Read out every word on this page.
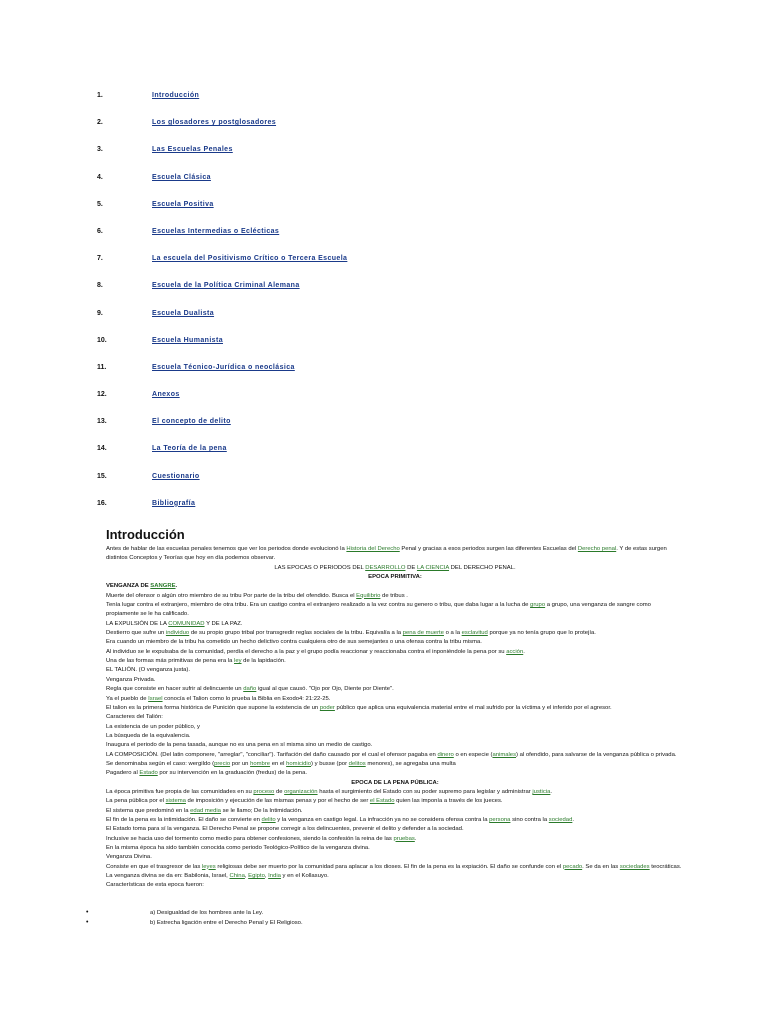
1.	Introducción
2.	Los glosadores y postglosadores
3.	Las Escuelas Penales
4.	Escuela Clásica
5.	Escuela Positiva
6.	Escuelas Intermedias o Eclécticas
7.	La escuela del Positivismo Crítico o Tercera Escuela
8.	Escuela de la Política Criminal Alemana
9.	Escuela Dualista
10.	Escuela Humanista
11.	Escuela Técnico-Jurídica o neoclásica
12.	Anexos
13.	El concepto de delito
14.	La Teoría de la pena
15.	Cuestionario
16.	Bibliografía
Introducción

Antes de hablar de las escuelas penales tenemos que ver los periodos donde evolucionó la Historia del Derecho Penal y gracias a esos periodos surgen las diferentes Escuelas del Derecho penal. Y de estas surgen distintos Conceptos y Teorías que hoy en día podemos observar.

LAS EPOCAS O PERIODOS DEL DESARROLLO DE LA CIENCIA DEL DERECHO PENAL.

EPOCA PRIMITIVA:

VENGANZA DE SANGRE.

Muerte del ofensor o algún otro miembro de su tribu Por parte de la tribu del ofendido. Busca el Equilibrio de tribus .

Tenía lugar contra el extranjero, miembro de otra tribu. Era un castigo contra el extranjero realizado a la vez contra su genero o tribu, que daba lugar a la lucha de grupo a grupo, una venganza de sangre como propiamente se le ha calificado.

LA EXPULSIÓN DE LA COMUNIDAD Y DE LA PAZ.

Destierro que sufre un individuo de su propio grupo tribal por transgredir reglas sociales de la tribu. Equivalía a la pena de muerte o a la esclavitud porque ya no tenía grupo que lo protejía.

Era cuando un miembro de la tribu ha cometido un hecho delictivo contra cualquiera otro de sus semejantes o una ofensa contra la tribu misma.

Al individuo se le expulsaba de la comunidad, perdía el derecho a la paz y el grupo podía reaccionar y reaccionaba contra el inponiéndole la pena por su acción.

Una de las formas más primitivas de pena era la ley de la lapidación.

EL TALIÓN. (O venganza justa).

Venganza Privada.

Regla que consiste en hacer sufrir al delincuente un daño igual al que causó. "Ojo por Ojo, Diente por Diente".

Ya el pueblo de Israel conocía el Talion como lo prueba la Biblia en Exodo4: 21:22-25.

El talion es la primera forma histórica de Punición que supone la existencia de un poder público que aplica una equivalencia material entre el mal sufrido por la víctima y el inferido por el agresor.

Caracteres del Talión:

La existencia de un poder público, y

La búsqueda de la equivalencia.

Inaugura el periodo de la pena tasada, aunque no es una pena en sí misma sino un medio de castigo.

LA COMPOSICIÓN. (Del latin componere, "arreglar", "conciliar"). Tarifación del daño causado por el cual el ofensor pagaba en dinero o en especie (animales) al ofendido, para salvarse de la venganza pública o privada.

Se denominaba según el caso: wergildo (precio por un hombre en el homicidio) y busse (por delitos menores), se agregaba una multa

Pagadero al Estado por su intervención en la graduación (fredus) de la pena.

EPOCA DE LA PENA PÚBLICA:

La época primitiva fue propia de las comunidades en su proceso de organización hasta el surgimiento del Estado con su poder supremo para legislar y administrar justicia.

La pena pública por el sistema de imposición y ejecución de las mismas penas y por el hecho de ser el Estado quien las imponía a través de los jueces.

El sistema que predominó en la edad media se le llamo; De la Intimidación.

El fin de la pena es la intimidación. El daño se convierte en delito y la venganza en castigo legal. La infracción ya no se considera ofensa contra la persona sino contra la sociedad.

El Estado toma para sí la venganza. El Derecho Penal se propone corregir a los delincuentes, prevenir el delito y defender a la sociedad.

Inclusive se hacia uso del tormento como medio para obtener confesiones, siendo la confesión la reina de las pruebas.

En la misma época ha sido también conocida como periodo Teológico-Político de la venganza divina.

Venganza Divina.

Consiste en que el trasgresor de las leyes religiosas debe ser muerto por la comunidad para aplacar a los dioses. El fin de la pena es la expiación. El daño se confunde con el pecado. Se da en las sociedades teocráticas. La venganza divina se da en: Babilonia, Israel, China, Egipto, India y en el Kollasuyo.

Características de esta epoca fueron:

•	a) Desigualdad de los hombres ante la Ley.
•	b) Estrecha ligación entre el Derecho Penal y El Religioso.
